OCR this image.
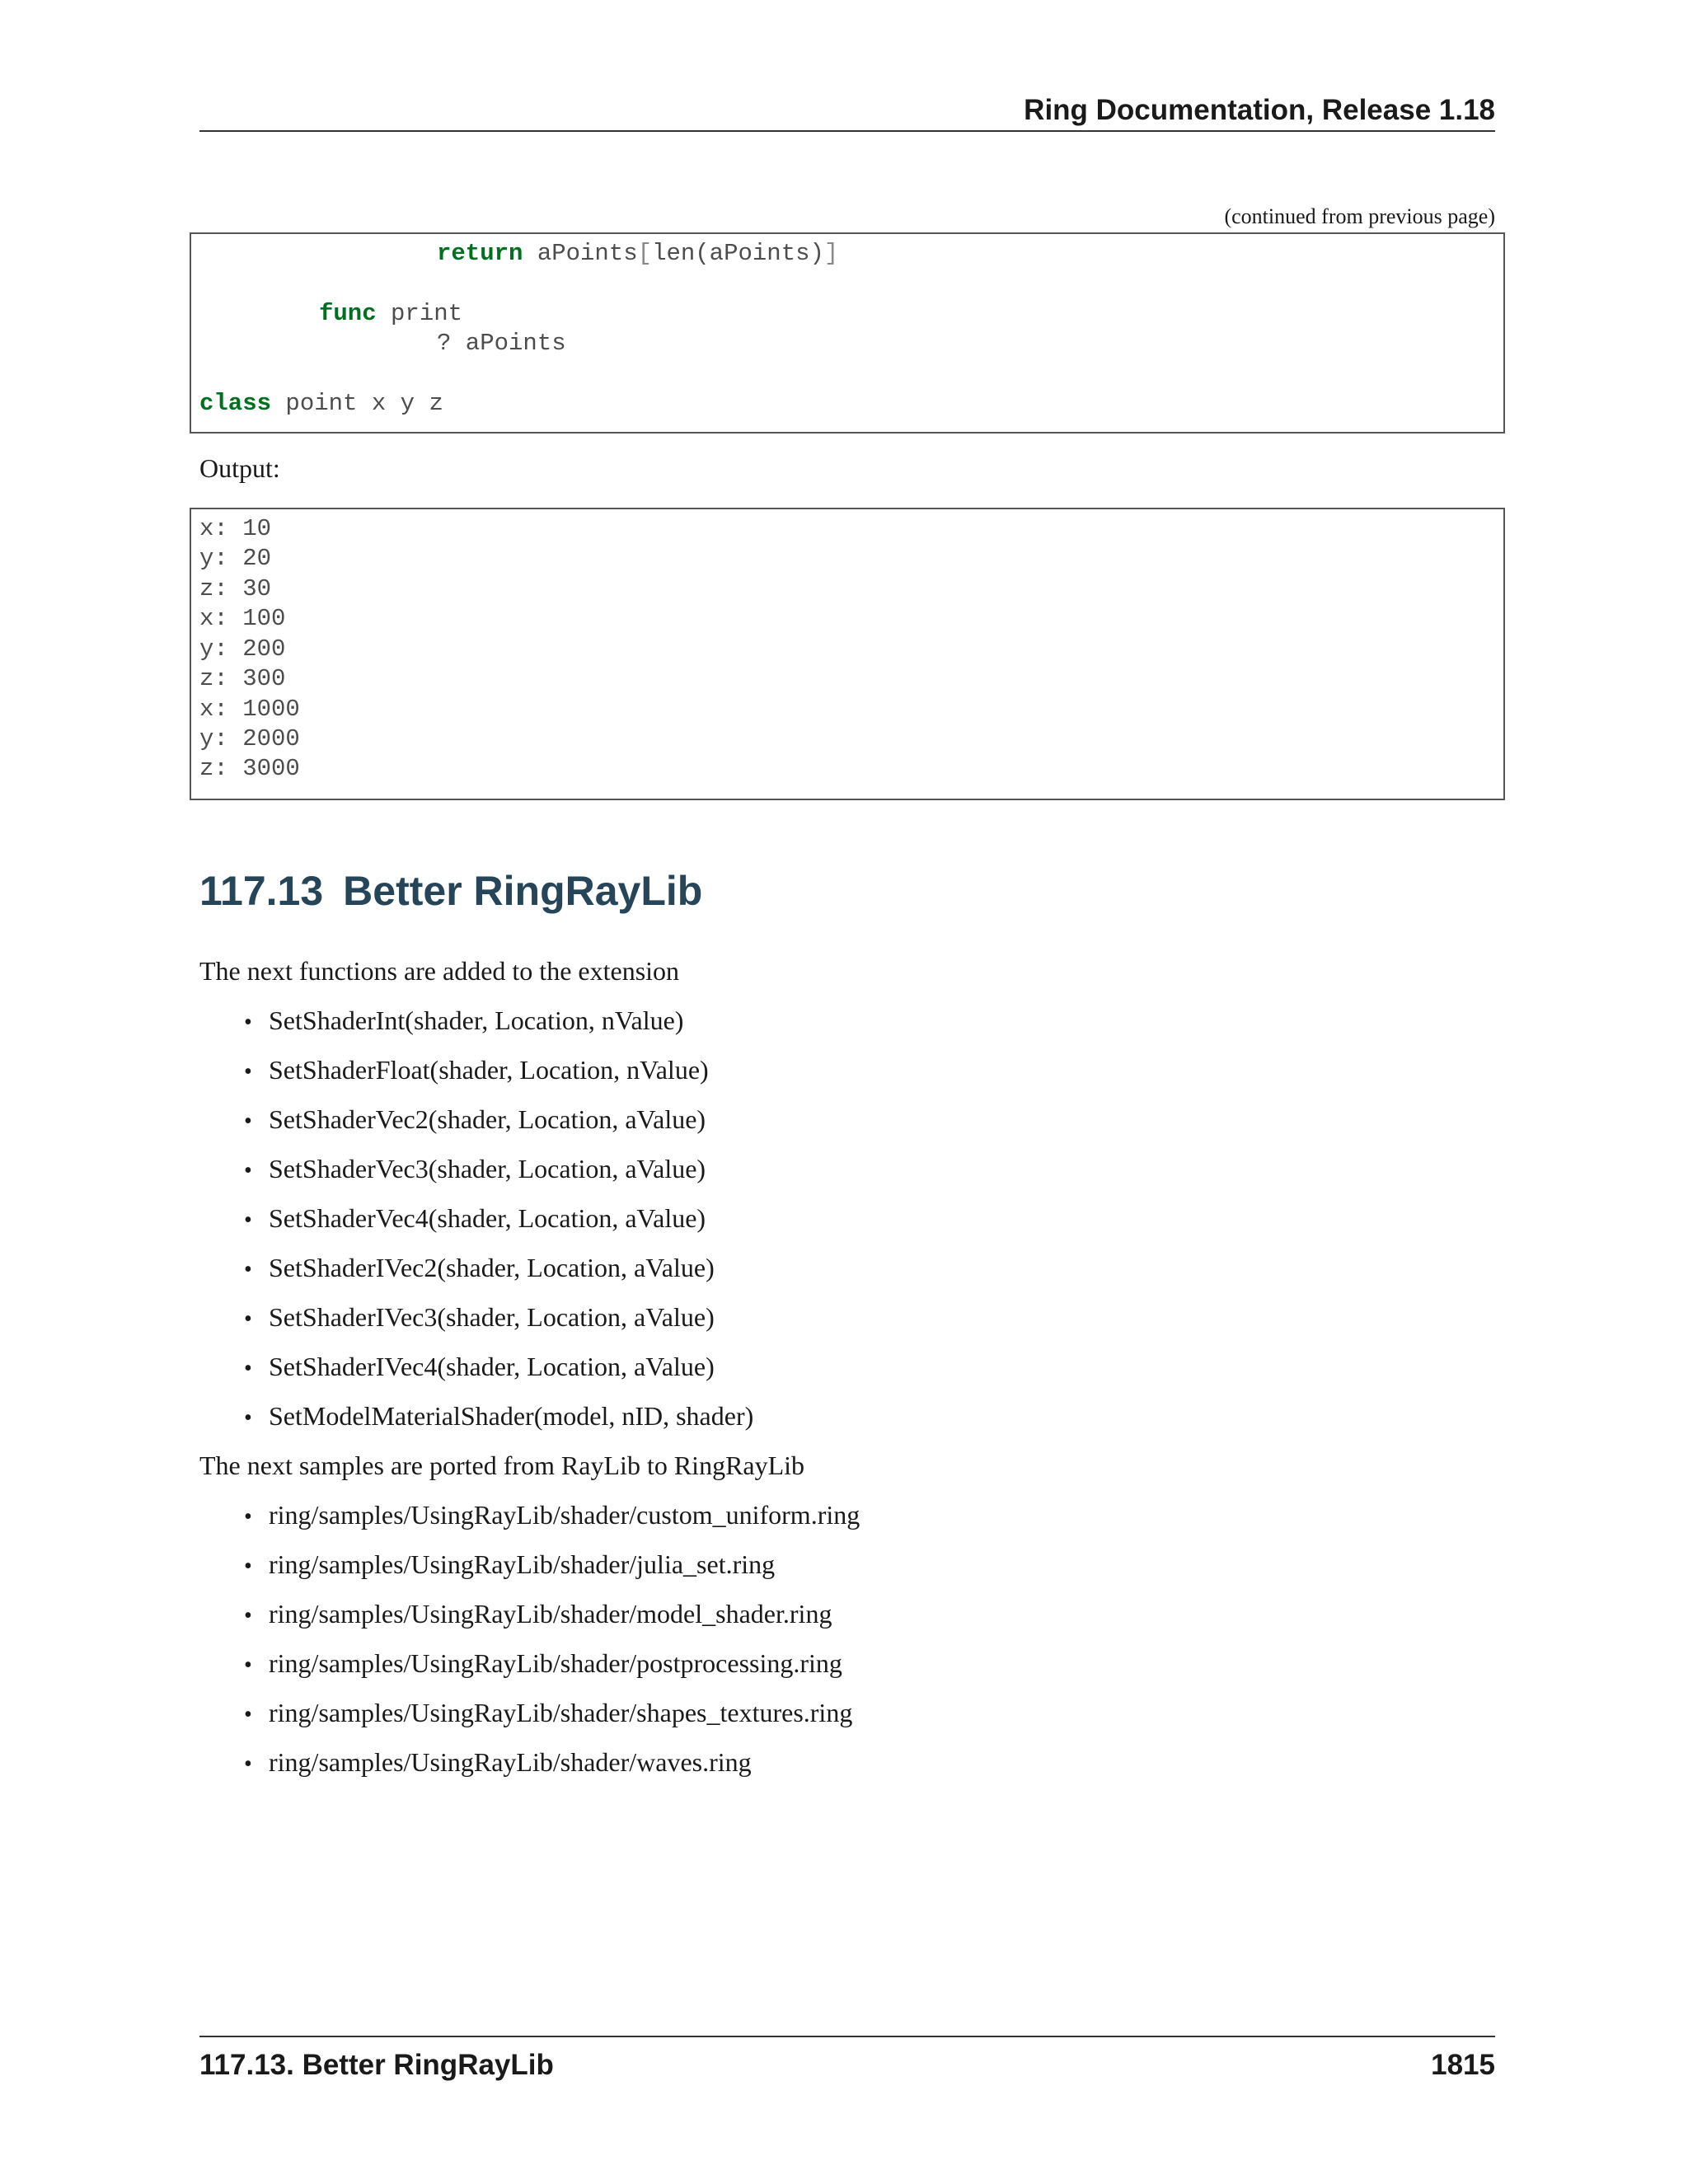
Ring Documentation, Release 1.18
(continued from previous page)
return aPoints[len(aPoints)]
func print
? aPoints
class point x y z
Output:
x: 10
y: 20
z: 30
x: 100
y: 200
z: 300
x: 1000
y: 2000
z: 3000
117.13 Better RingRayLib
The next functions are added to the extension
• SetShaderInt(shader, Location, nValue)
• SetShaderFloat(shader, Location, nValue)
• SetShaderVec2(shader, Location, aValue)
• SetShaderVec3(shader, Location, aValue)
• SetShaderVec4(shader, Location, aValue)
• SetShaderIVec2(shader, Location, aValue)
• SetShaderIVec3(shader, Location, aValue)
• SetShaderIVec4(shader, Location, aValue)
• SetModelMaterialShader(model, nID, shader)
The next samples are ported from RayLib to RingRayLib
• ring/samples/UsingRayLib/shader/custom_uniform.ring
• ring/samples/UsingRayLib/shader/julia_set.ring
• ring/samples/UsingRayLib/shader/model_shader.ring
• ring/samples/UsingRayLib/shader/postprocessing.ring
• ring/samples/UsingRayLib/shader/shapes_textures.ring
• ring/samples/UsingRayLib/shader/waves.ring
117.13. Better RingRayLib	1815
